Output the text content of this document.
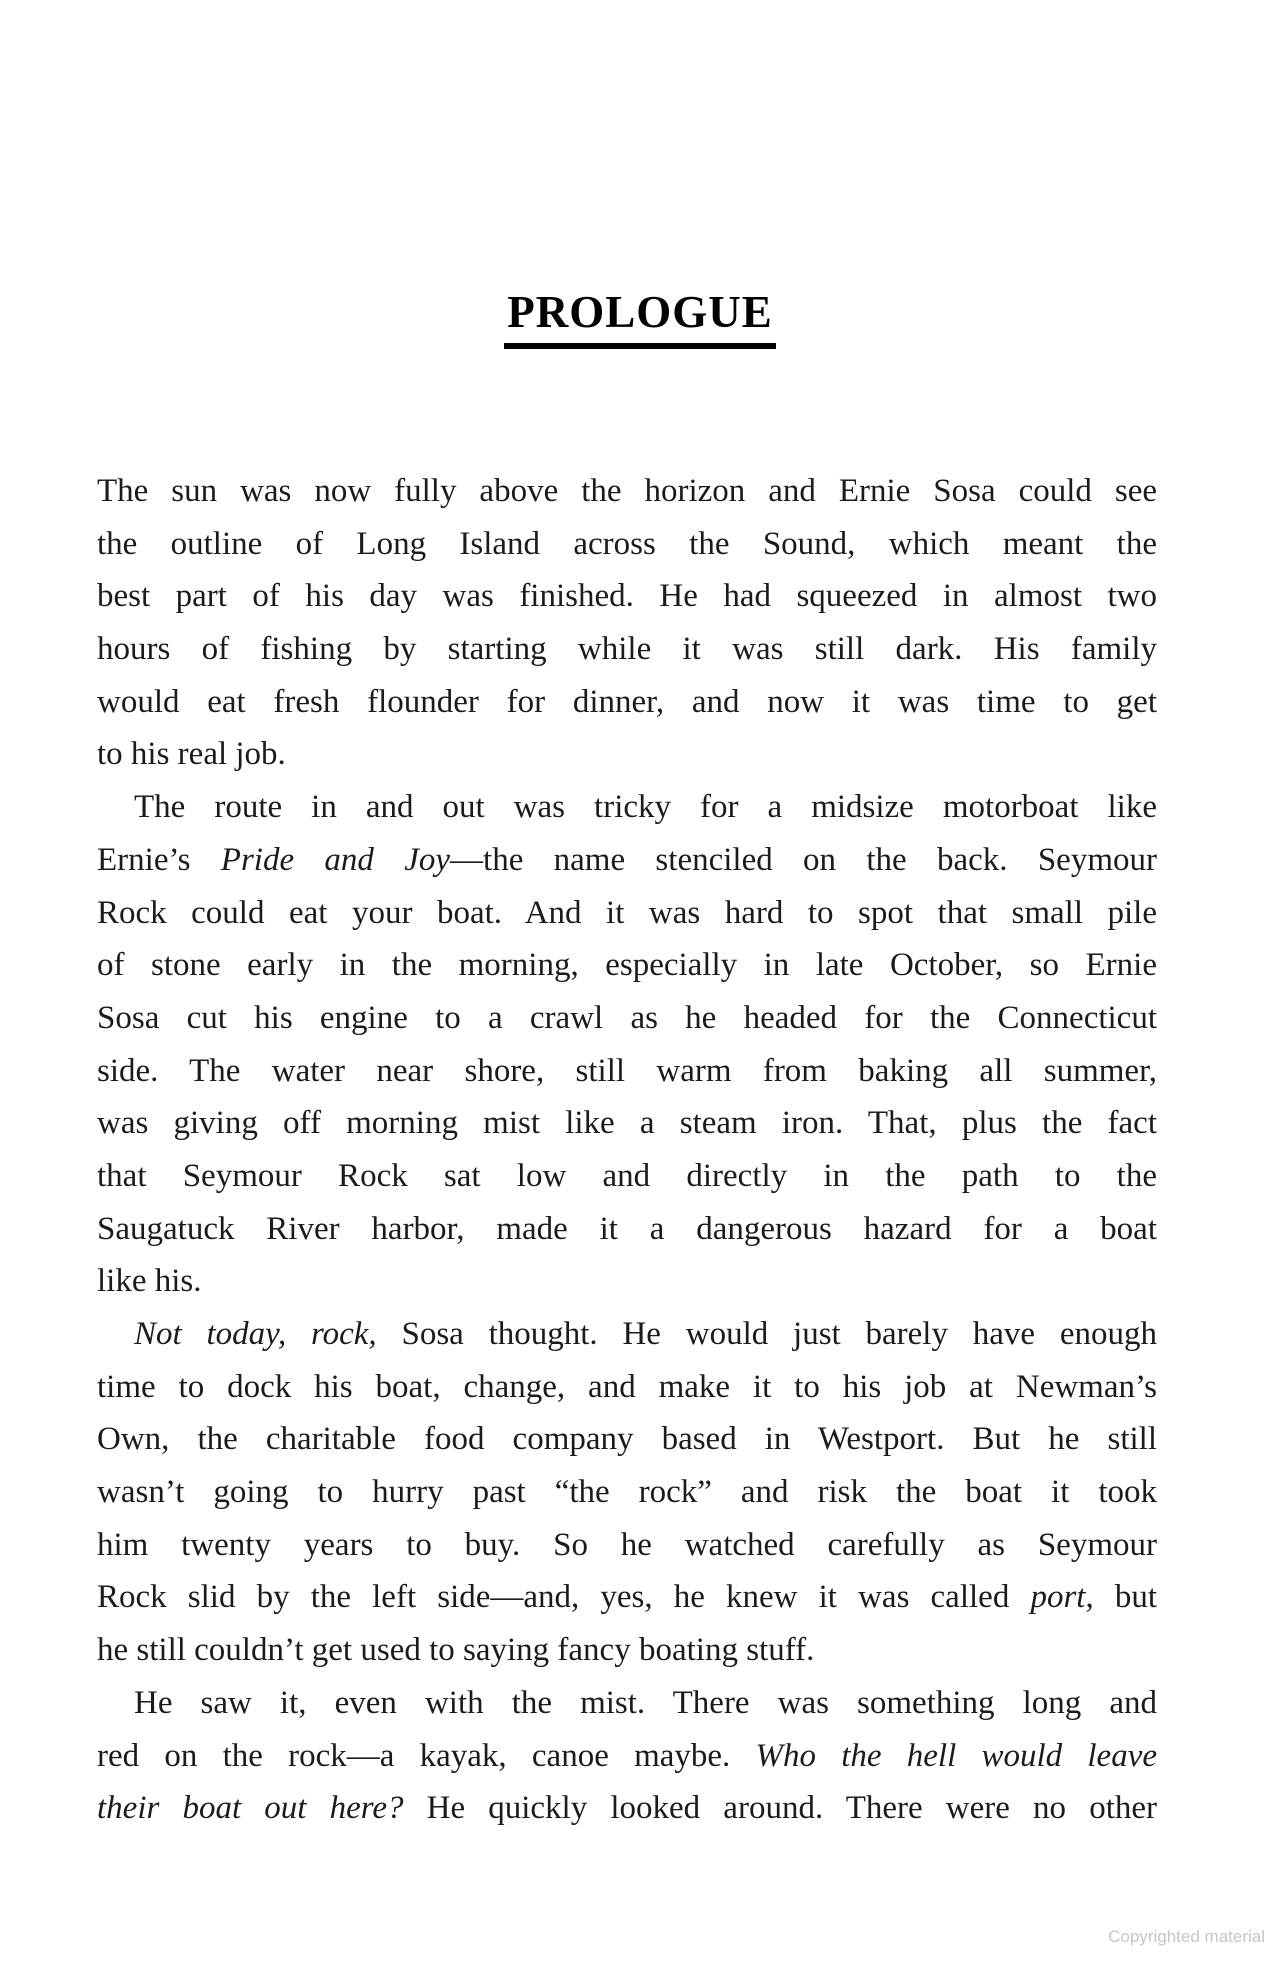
PROLOGUE
The sun was now fully above the horizon and Ernie Sosa could see
the outline of Long Island across the Sound, which meant the
best part of his day was finished. He had squeezed in almost two
hours of fishing by starting while it was still dark. His family
would eat fresh flounder for dinner, and now it was time to get
to his real job.
The route in and out was tricky for a midsize motorboat like
Ernie’s Pride and Joy—the name stenciled on the back. Seymour
Rock could eat your boat. And it was hard to spot that small pile
of stone early in the morning, especially in late October, so Ernie
Sosa cut his engine to a crawl as he headed for the Connecticut
side. The water near shore, still warm from baking all summer,
was giving off morning mist like a steam iron. That, plus the fact
that Seymour Rock sat low and directly in the path to the
Saugatuck River harbor, made it a dangerous hazard for a boat
like his.
Not today, rock, Sosa thought. He would just barely have enough
time to dock his boat, change, and make it to his job at Newman’s
Own, the charitable food company based in Westport. But he still
wasn’t going to hurry past “the rock” and risk the boat it took
him twenty years to buy. So he watched carefully as Seymour
Rock slid by the left side—and, yes, he knew it was called port, but
he still couldn’t get used to saying fancy boating stuff.
He saw it, even with the mist. There was something long and
red on the rock—a kayak, canoe maybe. Who the hell would leave
their boat out here? He quickly looked around. There were no other
Copyrighted material
